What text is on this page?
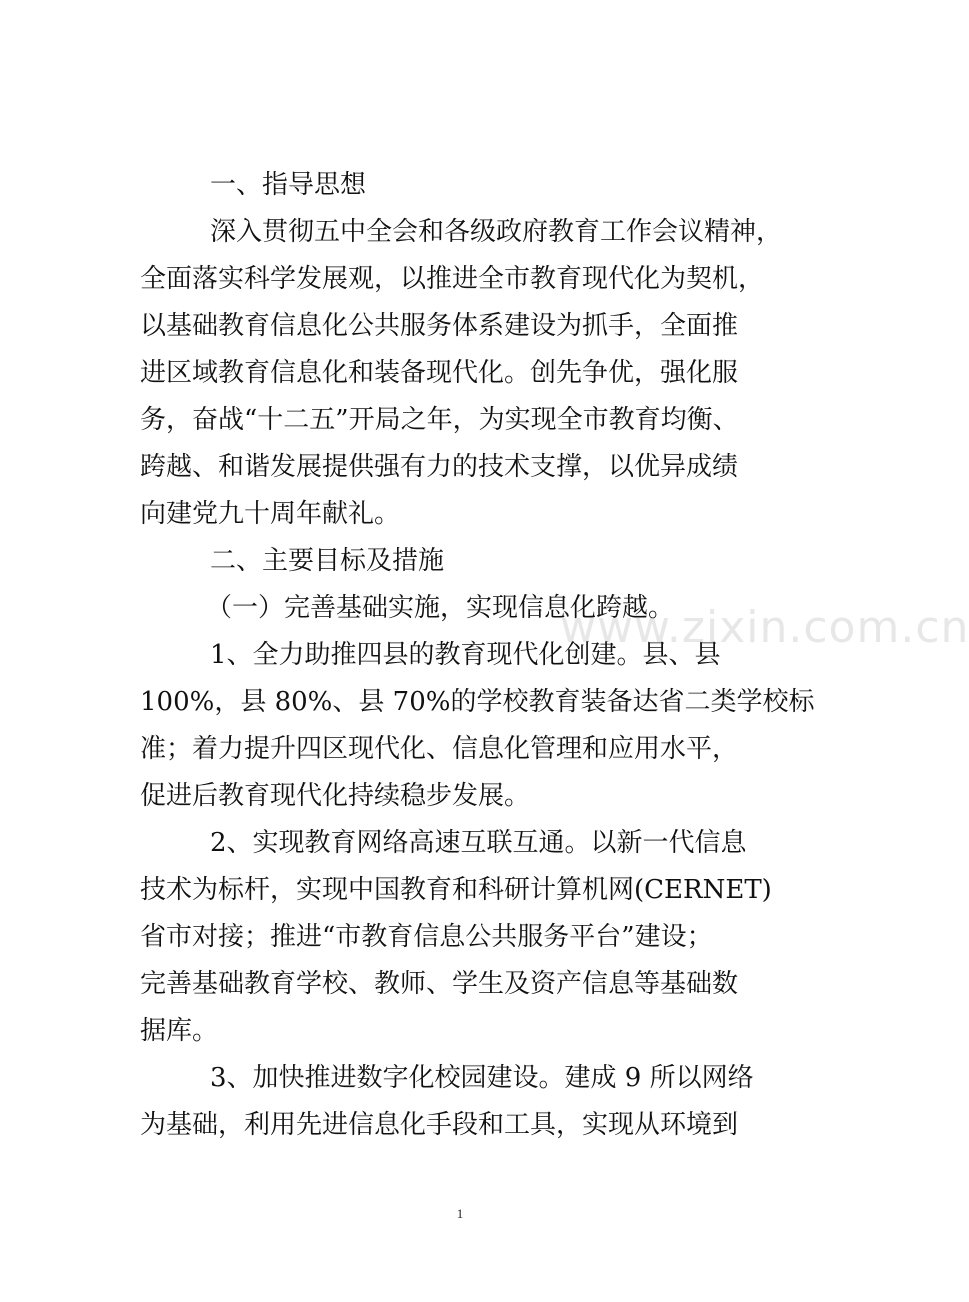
一、指导思想
深入贯彻五中全会和各级政府教育工作会议精神，
全面落实科学发展观，以推进全市教育现代化为契机，
以基础教育信息化公共服务体系建设为抓手，全面推
进区域教育信息化和装备现代化。创先争优，强化服
务，奋战“十二五”开局之年，为实现全市教育均衡、
跨越、和谐发展提供强有力的技术支撑，以优异成绩
向建党九十周年献礼。
二、主要目标及措施
（一）完善基础实施，实现信息化跨越。
1、全力助推四县的教育现代化创建。县、县
100%，县 80%、县 70%的学校教育装备达省二类学校标
准；着力提升四区现代化、信息化管理和应用水平，
促进后教育现代化持续稳步发展。
2、实现教育网络高速互联互通。以新一代信息
技术为标杆，实现中国教育和科研计算机网(CERNET)
省市对接；推进“市教育信息公共服务平台”建设；
完善基础教育学校、教师、学生及资产信息等基础数
据库。
3、加快推进数字化校园建设。建成 9 所以网络
为基础，利用先进信息化手段和工具，实现从环境到
www.zixin.com.cn
1
